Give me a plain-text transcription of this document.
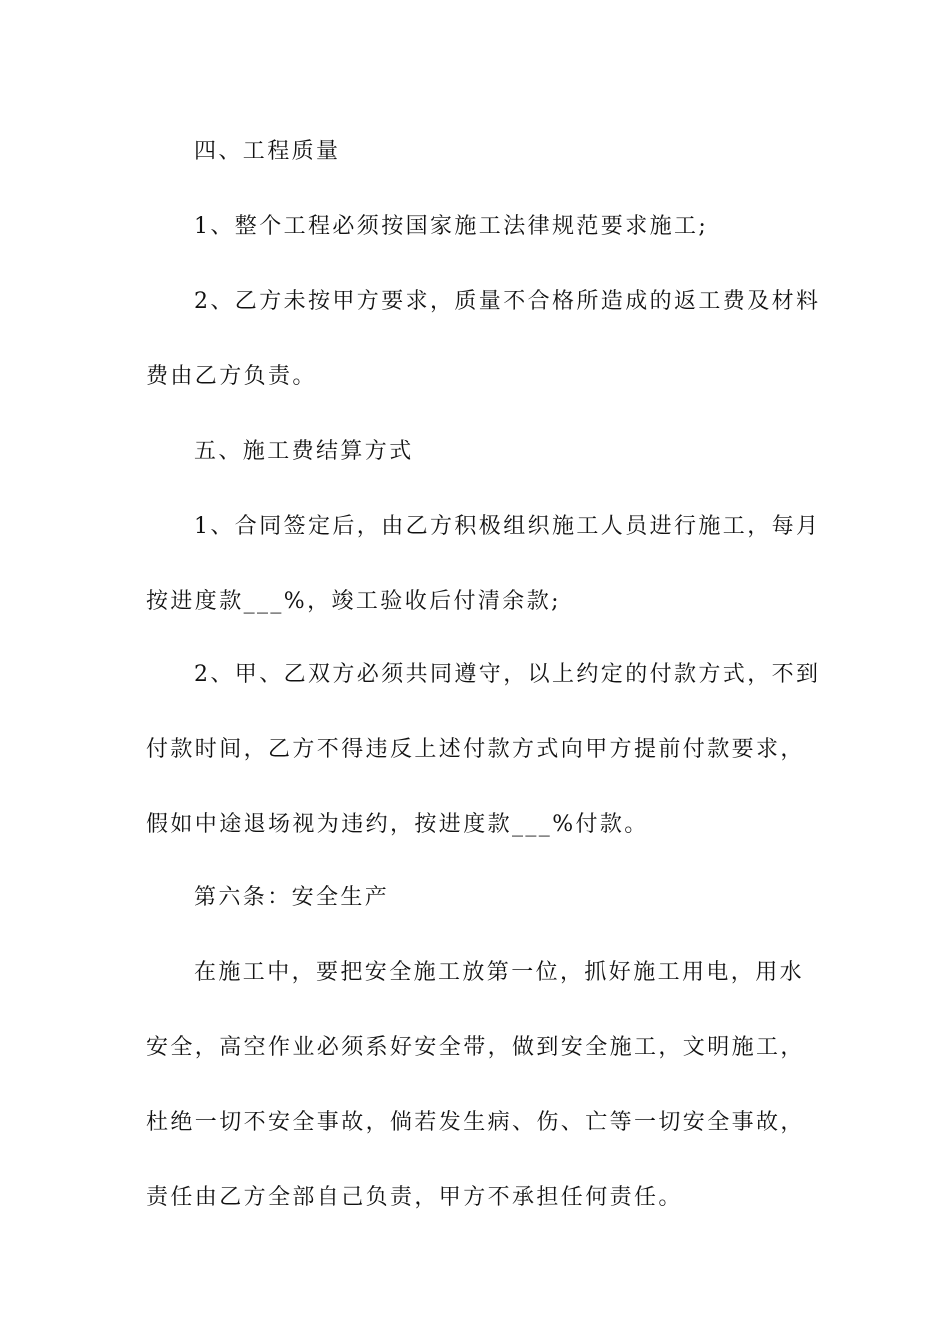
四、工程质量
1、整个工程必须按国家施工法律规范要求施工;
2、乙方未按甲方要求，质量不合格所造成的返工费及材料
费由乙方负责。
五、施工费结算方式
1、合同签定后，由乙方积极组织施工人员进行施工，每月
按进度款___%，竣工验收后付清余款;
2、甲、乙双方必须共同遵守，以上约定的付款方式，不到
付款时间，乙方不得违反上述付款方式向甲方提前付款要求，
假如中途退场视为违约，按进度款___%付款。
第六条：安全生产
在施工中，要把安全施工放第一位，抓好施工用电，用水
安全，高空作业必须系好安全带，做到安全施工，文明施工，
杜绝一切不安全事故，倘若发生病、伤、亡等一切安全事故，
责任由乙方全部自己负责，甲方不承担任何责任。
